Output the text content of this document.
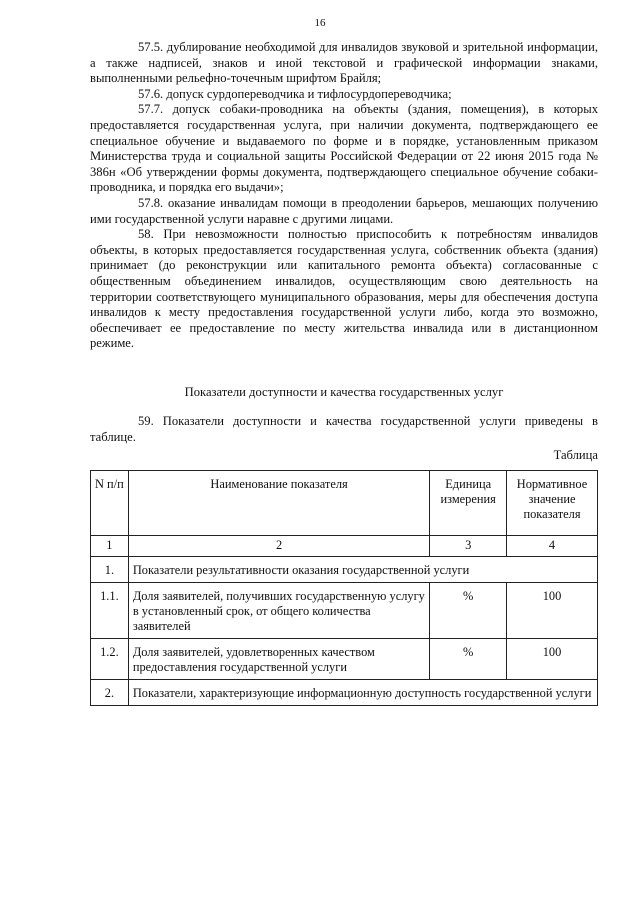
16

57.5. дублирование необходимой для инвалидов звуковой и зрительной информации, а также надписей, знаков и иной текстовой и графической информации знаками, выполненными рельефно-точечным шрифтом Брайля;

57.6. допуск сурдопереводчика и тифлосурдопереводчика;

57.7. допуск собаки-проводника на объекты (здания, помещения), в которых предоставляется государственная услуга, при наличии документа, подтверждающего ее специальное обучение и выдаваемого по форме и в порядке, установленным приказом Министерства труда и социальной защиты Российской Федерации от 22 июня 2015 года № 386н «Об утверждении формы документа, подтверждающего специальное обучение собаки-проводника, и порядка его выдачи»;

57.8. оказание инвалидам помощи в преодолении барьеров, мешающих получению ими государственной услуги наравне с другими лицами.

58. При невозможности полностью приспособить к потребностям инвалидов объекты, в которых предоставляется государственная услуга, собственник объекта (здания) принимает (до реконструкции или капитального ремонта объекта) согласованные с общественным объединением инвалидов, осуществляющим свою деятельность на территории соответствующего муниципального образования, меры для обеспечения доступа инвалидов к месту предоставления государственной услуги либо, когда это возможно, обеспечивает ее предоставление по месту жительства инвалида или в дистанционном режиме.

Показатели доступности и качества государственных услуг

59. Показатели доступности и качества государственной услуги приведены в таблице.

Таблица
N п/п	Наименование показателя	Единица измерения	Нормативное значение показателя
1	2	3	4
1.	Показатели результативности оказания государственной услуги		
1.1.	Доля заявителей, получивших государственную услугу в установленный срок, от общего количества заявителей	%	100
1.2.	Доля заявителей, удовлетворенных качеством предоставления государственной услуги	%	100
2.	Показатели, характеризующие информационную доступность государственной услуги		
